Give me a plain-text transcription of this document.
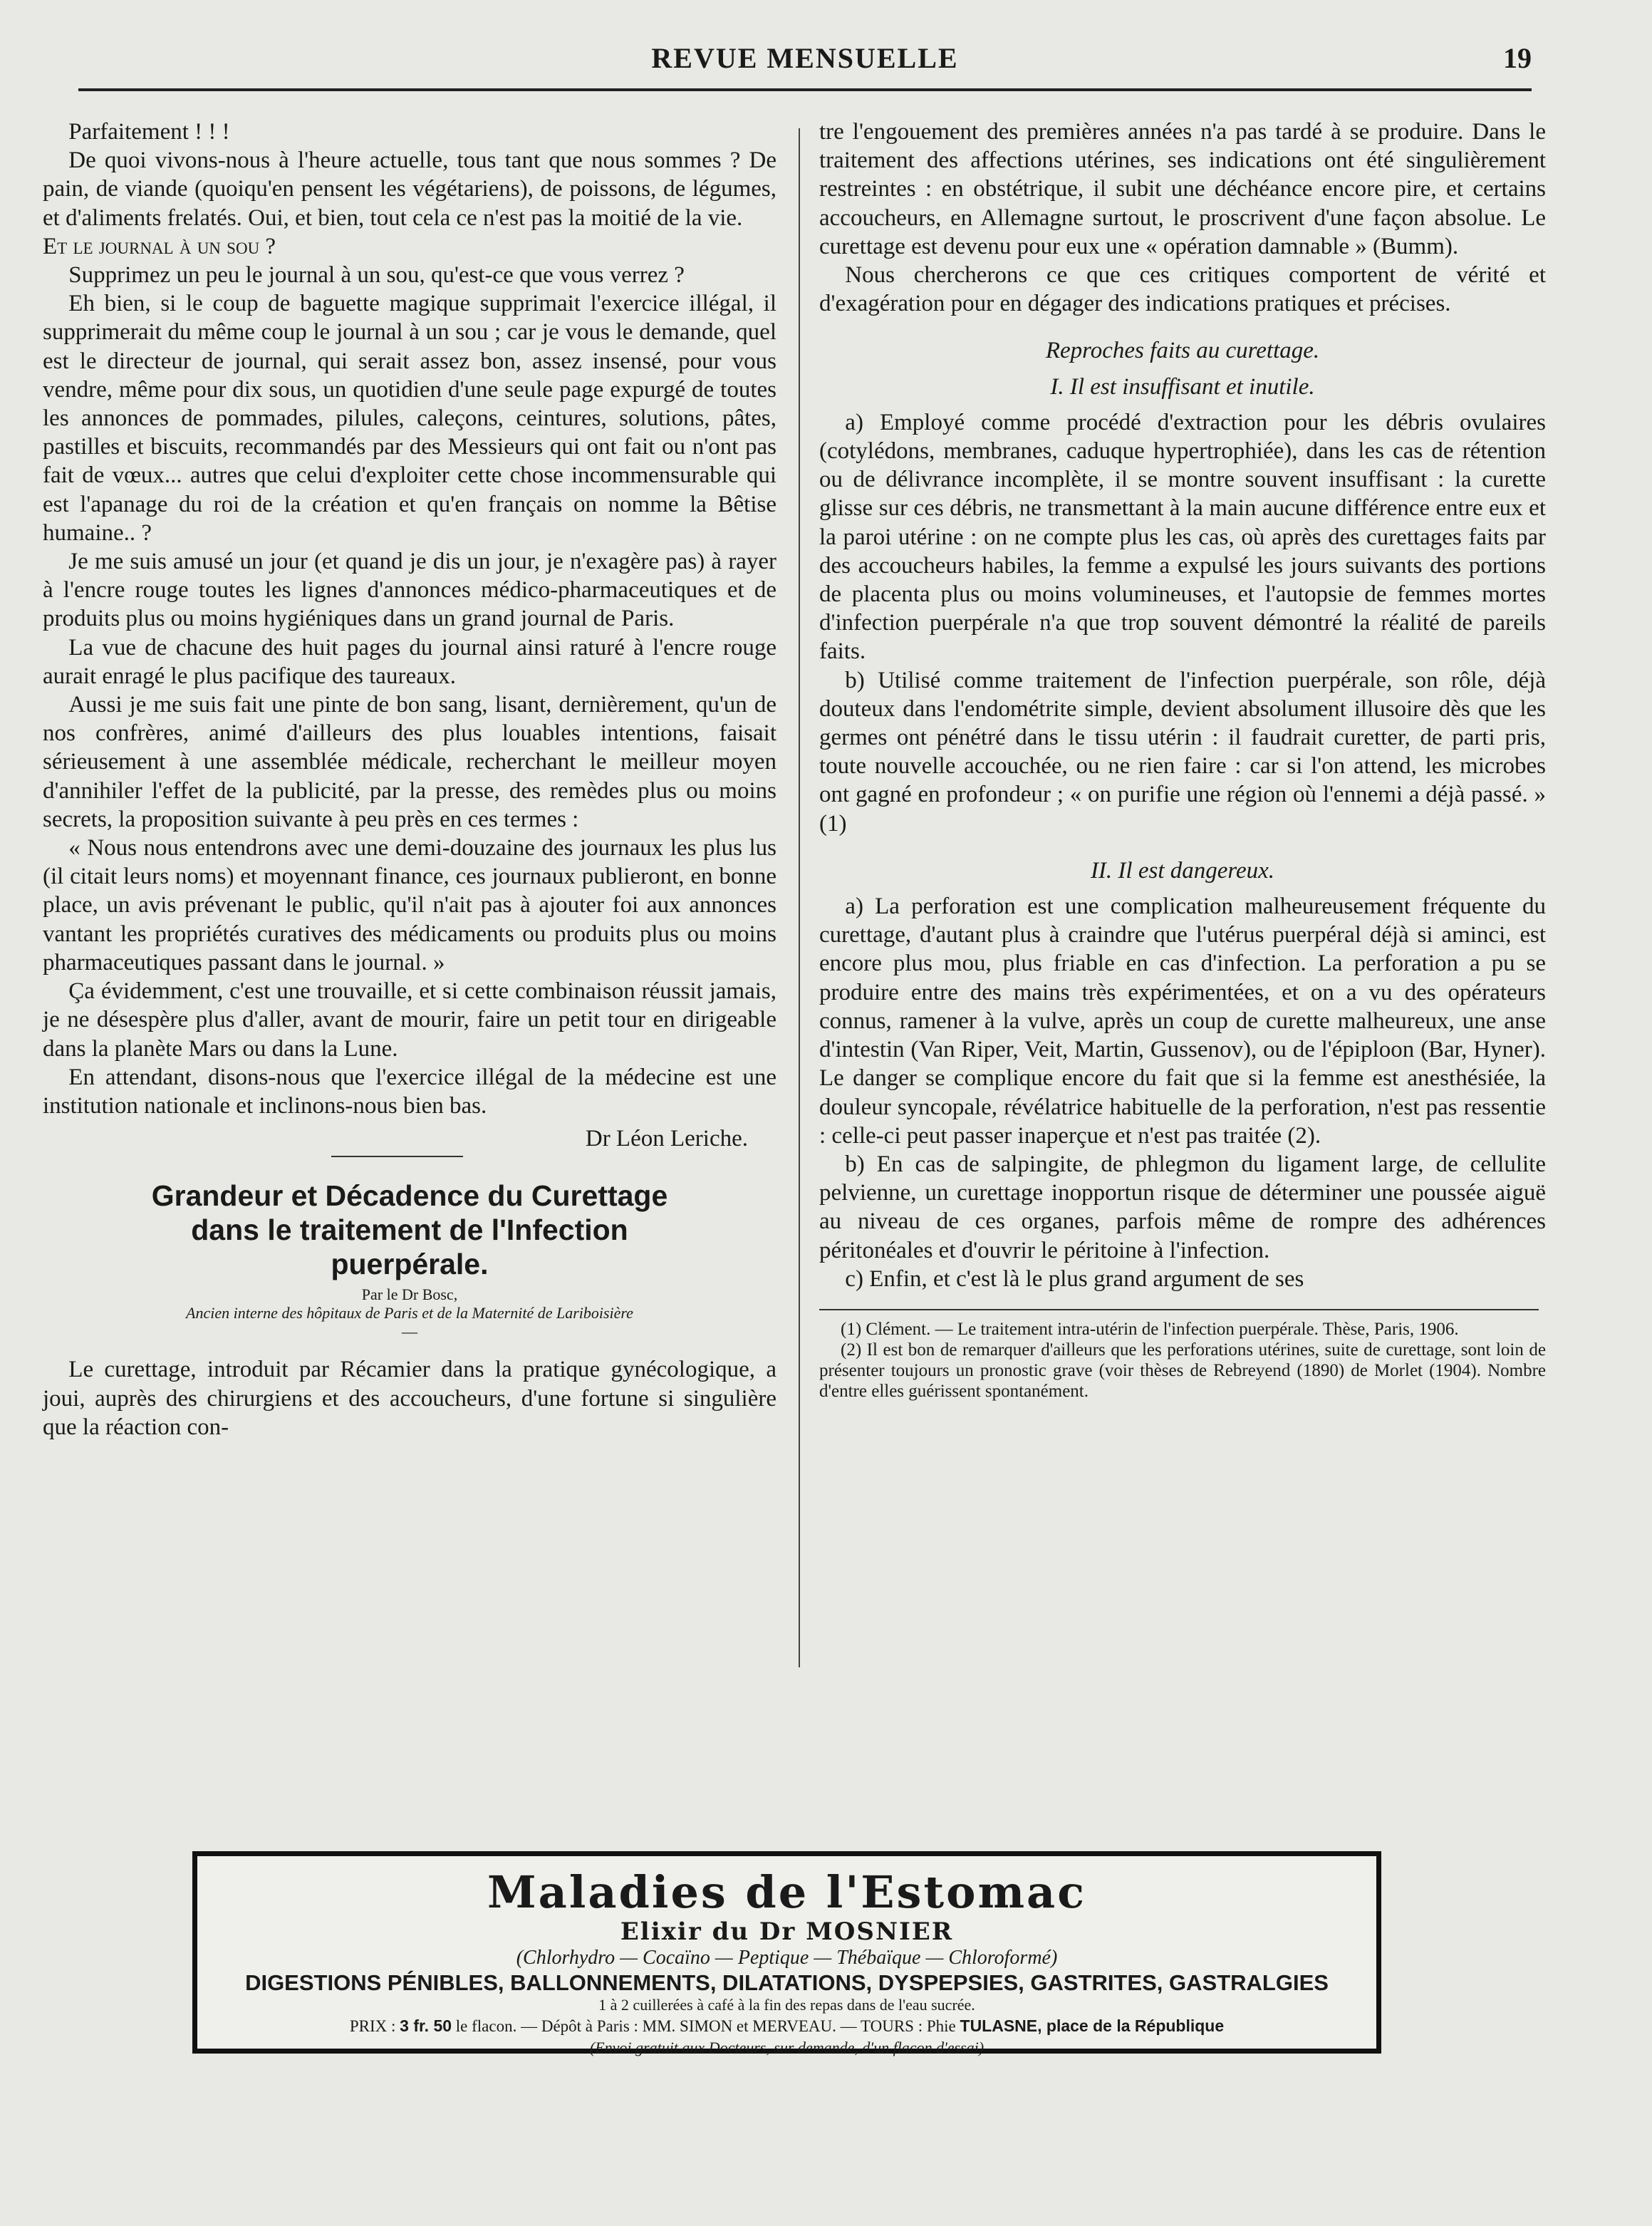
REVUE MENSUELLE	19

Parfaitement ! ! !

De quoi vivons-nous à l'heure actuelle, tous tant que nous sommes ? De pain, de viande (quoiqu'en pensent les végétariens), de poissons, de légumes, et d'aliments frelatés. Oui, et bien, tout cela ce n'est pas la moitié de la vie.

Et le journal à un sou ?

Supprimez un peu le journal à un sou, qu'est-ce que vous verrez ?

Eh bien, si le coup de baguette magique supprimait l'exercice illégal, il supprimerait du même coup le journal à un sou ; car je vous le demande, quel est le directeur de journal, qui serait assez bon, assez insensé, pour vous vendre, même pour dix sous, un quotidien d'une seule page expurgé de toutes les annonces de pommades, pilules, caleçons, ceintures, solutions, pâtes, pastilles et biscuits, recommandés par des Messieurs qui ont fait ou n'ont pas fait de vœux... autres que celui d'exploiter cette chose incommensurable qui est l'apanage du roi de la création et qu'en français on nomme la Bêtise humaine.. ?

Je me suis amusé un jour (et quand je dis un jour, je n'exagère pas) à rayer à l'encre rouge toutes les lignes d'annonces médico-pharmaceutiques et de produits plus ou moins hygiéniques dans un grand journal de Paris.

La vue de chacune des huit pages du journal ainsi raturé à l'encre rouge aurait enragé le plus pacifique des taureaux.

Aussi je me suis fait une pinte de bon sang, lisant, dernièrement, qu'un de nos confrères, animé d'ailleurs des plus louables intentions, faisait sérieusement à une assemblée médicale, recherchant le meilleur moyen d'annihiler l'effet de la publicité, par la presse, des remèdes plus ou moins secrets, la proposition suivante à peu près en ces termes :

« Nous nous entendrons avec une demi-douzaine des journaux les plus lus (il citait leurs noms) et moyennant finance, ces journaux publieront, en bonne place, un avis prévenant le public, qu'il n'ait pas à ajouter foi aux annonces vantant les propriétés curatives des médicaments ou produits plus ou moins pharmaceutiques passant dans le journal. »

Ça évidemment, c'est une trouvaille, et si cette combinaison réussit jamais, je ne désespère plus d'aller, avant de mourir, faire un petit tour en dirigeable dans la planète Mars ou dans la Lune.

En attendant, disons-nous que l'exercice illégal de la médecine est une institution nationale et inclinons-nous bien bas.

Dr Léon Leriche.
Grandeur et Décadence du Curettage
dans le traitement de l'Infection
puerpérale.
Par le Dr Bosc,
Ancien interne des hôpitaux de Paris et de la Maternité de Lariboisière
—

Le curettage, introduit par Récamier dans la pratique gynécologique, a joui, auprès des chirurgiens et des accoucheurs, d'une fortune si singulière que la réaction con-

tre l'engouement des premières années n'a pas tardé à se produire. Dans le traitement des affections utérines, ses indications ont été singulièrement restreintes : en obstétrique, il subit une déchéance encore pire, et certains accoucheurs, en Allemagne surtout, le proscrivent d'une façon absolue. Le curettage est devenu pour eux une « opération damnable » (Bumm).

Nous chercherons ce que ces critiques comportent de vérité et d'exagération pour en dégager des indications pratiques et précises.

Reproches faits au curettage.
I. Il est insuffisant et inutile.

a) Employé comme procédé d'extraction pour les débris ovulaires (cotylédons, membranes, caduque hypertrophiée), dans les cas de rétention ou de délivrance incomplète, il se montre souvent insuffisant : la curette glisse sur ces débris, ne transmettant à la main aucune différence entre eux et la paroi utérine : on ne compte plus les cas, où après des curettages faits par des accoucheurs habiles, la femme a expulsé les jours suivants des portions de placenta plus ou moins volumineuses, et l'autopsie de femmes mortes d'infection puerpérale n'a que trop souvent démontré la réalité de pareils faits.

b) Utilisé comme traitement de l'infection puerpérale, son rôle, déjà douteux dans l'endométrite simple, devient absolument illusoire dès que les germes ont pénétré dans le tissu utérin : il faudrait curetter, de parti pris, toute nouvelle accouchée, ou ne rien faire : car si l'on attend, les microbes ont gagné en profondeur ; « on purifie une région où l'ennemi a déjà passé. » (1)

II. Il est dangereux.

a) La perforation est une complication malheureusement fréquente du curettage, d'autant plus à craindre que l'utérus puerpéral déjà si aminci, est encore plus mou, plus friable en cas d'infection. La perforation a pu se produire entre des mains très expérimentées, et on a vu des opérateurs connus, ramener à la vulve, après un coup de curette malheureux, une anse d'intestin (Van Riper, Veit, Martin, Gussenov), ou de l'épiploon (Bar, Hyner). Le danger se complique encore du fait que si la femme est anesthésiée, la douleur syncopale, révélatrice habituelle de la perforation, n'est pas ressentie : celle-ci peut passer inaperçue et n'est pas traitée (2).

b) En cas de salpingite, de phlegmon du ligament large, de cellulite pelvienne, un curettage inopportun risque de déterminer une poussée aiguë au niveau de ces organes, parfois même de rompre des adhérences péritonéales et d'ouvrir le péritoine à l'infection.

c) Enfin, et c'est là le plus grand argument de ses

(1) Clément. — Le traitement intra-utérin de l'infection puerpérale. Thèse, Paris, 1906.

(2) Il est bon de remarquer d'ailleurs que les perforations utérines, suite de curettage, sont loin de présenter toujours un pronostic grave (voir thèses de Rebreyend (1890) de Morlet (1904). Nombre d'entre elles guérissent spontanément.

Maladies de l'Estomac
Elixir du Dr MOSNIER
(Chlorhydro — Cocaïno — Peptique — Thébaïque — Chloroformé)
DIGESTIONS PÉNIBLES, BALLONNEMENTS, DILATATIONS, DYSPEPSIES, GASTRITES, GASTRALGIES
1 à 2 cuillerées à café à la fin des repas dans de l'eau sucrée.
PRIX : 3 fr. 50 le flacon. — Dépôt à Paris : MM. SIMON et MERVEAU. — TOURS : Phie TULASNE, place de la République
(Envoi gratuit aux Docteurs, sur demande, d'un flacon d'essai)
